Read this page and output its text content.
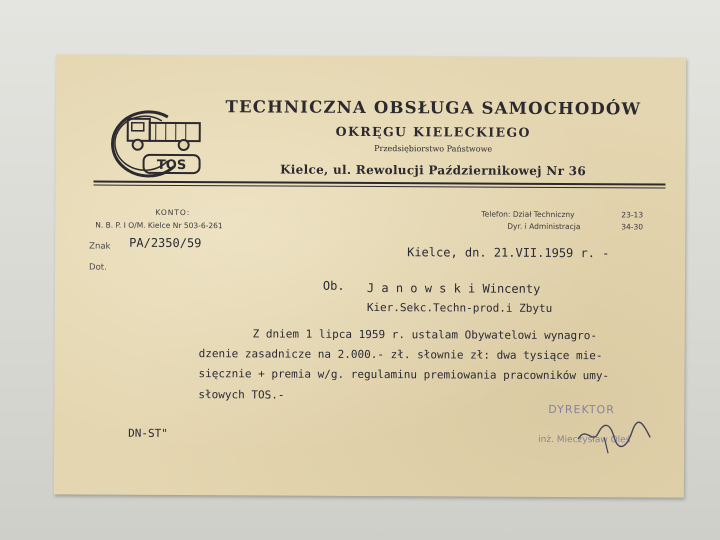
TOS
TECHNICZNA OBSŁUGA SAMOCHODÓW
OKRĘGU KIELECKIEGO
Przedsiębiorstwo Państwowe
Kielce, ul. Rewolucji Październikowej Nr 36
KONTO:
N. B. P. I O/M. Kielce Nr 503-6-261
Telefon: Dział Techniczny	23-13
Dyr. i Administracja	34-30
Znak PA/2350/59
Dot.
Kielce, dn. 21.VII.1959 r. -
Ob. J a n o w s k i Wincenty
Kier.Sekc.Techn-prod.i Zbytu
Z dniem 1 lipca 1959 r. ustalam Obywatelowi wynagro-
dzenie zasadnicze na 2.000.- zł. słownie zł: dwa tysiące mie-
sięcznie + premia w/g. regulaminu premiowania pracowników umy-
słowych TOS.-
DN-ST"
DYREKTOR
inż. Mieczysław Oleś
